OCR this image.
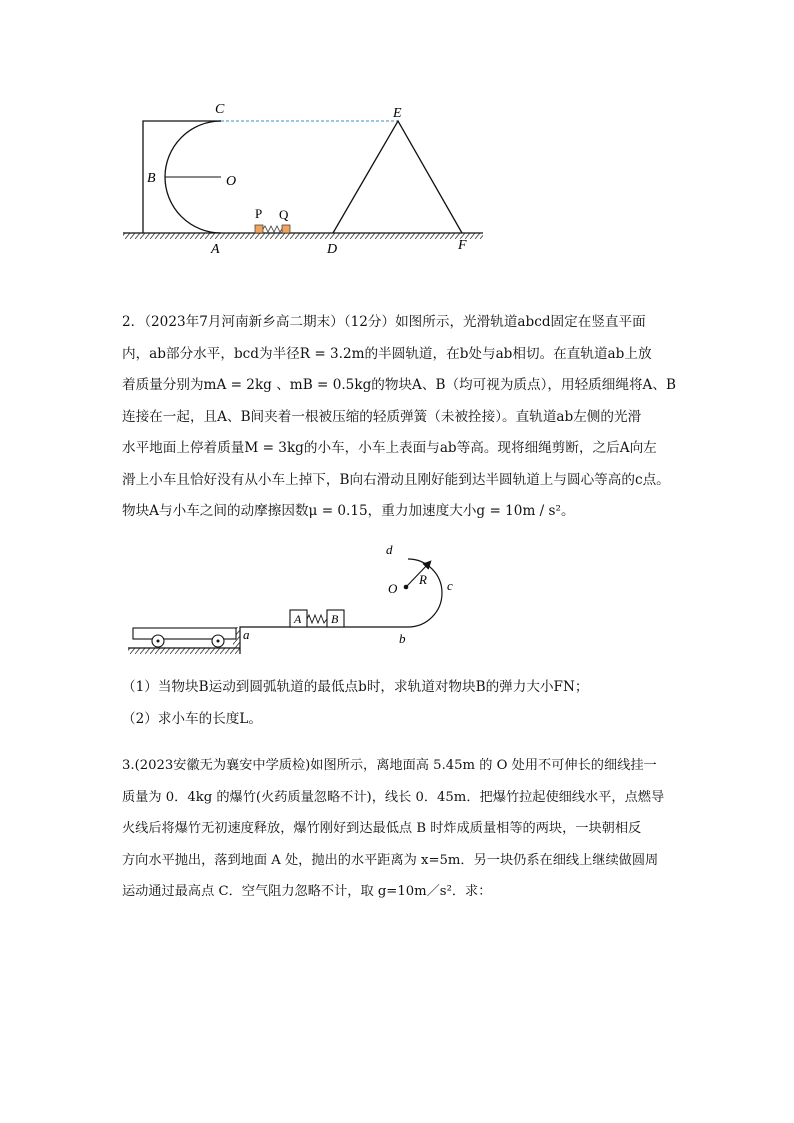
C
B	O
A
P Q
D
E
F
2．（2023年7月河南新乡高二期末）（12分）如图所示，光滑轨道abcd固定在竖直平面
内，ab部分水平，bcd为半径R = 3.2m的半圆轨道，在b处与ab相切。在直轨道ab上放
着质量分别为mA = 2kg 、mB = 0.5kg的物块A、B（均可视为质点），用轻质细绳将A、B
连接在一起，且A、B间夹着一根被压缩的轻质弹簧（未被拴接）。直轨道ab左侧的光滑
水平地面上停着质量M = 3kg的小车，小车上表面与ab等高。现将细绳剪断，之后A向左
滑上小车且恰好没有从小车上掉下，B向右滑动且刚好能到达半圆轨道上与圆心等高的c点。
物块A与小车之间的动摩擦因数μ = 0.15，重力加速度大小g = 10m / s²。
d
O
R c
a	b
A B
（1）当物块B运动到圆弧轨道的最低点b时，求轨道对物块B的弹力大小FN；
（2）求小车的长度L。
3.(2023安徽无为襄安中学质检)如图所示，离地面高 5.45m 的 O 处用不可伸长的细线挂一
质量为 0．4kg 的爆竹(火药质量忽略不计)，线长 0．45m．把爆竹拉起使细线水平，点燃导
火线后将爆竹无初速度释放，爆竹刚好到达最低点 B 时炸成质量相等的两块，一块朝相反
方向水平抛出，落到地面 A 处，抛出的水平距离为 x=5m．另一块仍系在细线上继续做圆周
运动通过最高点 C．空气阻力忽略不计，取 g=10m／s²．求：
